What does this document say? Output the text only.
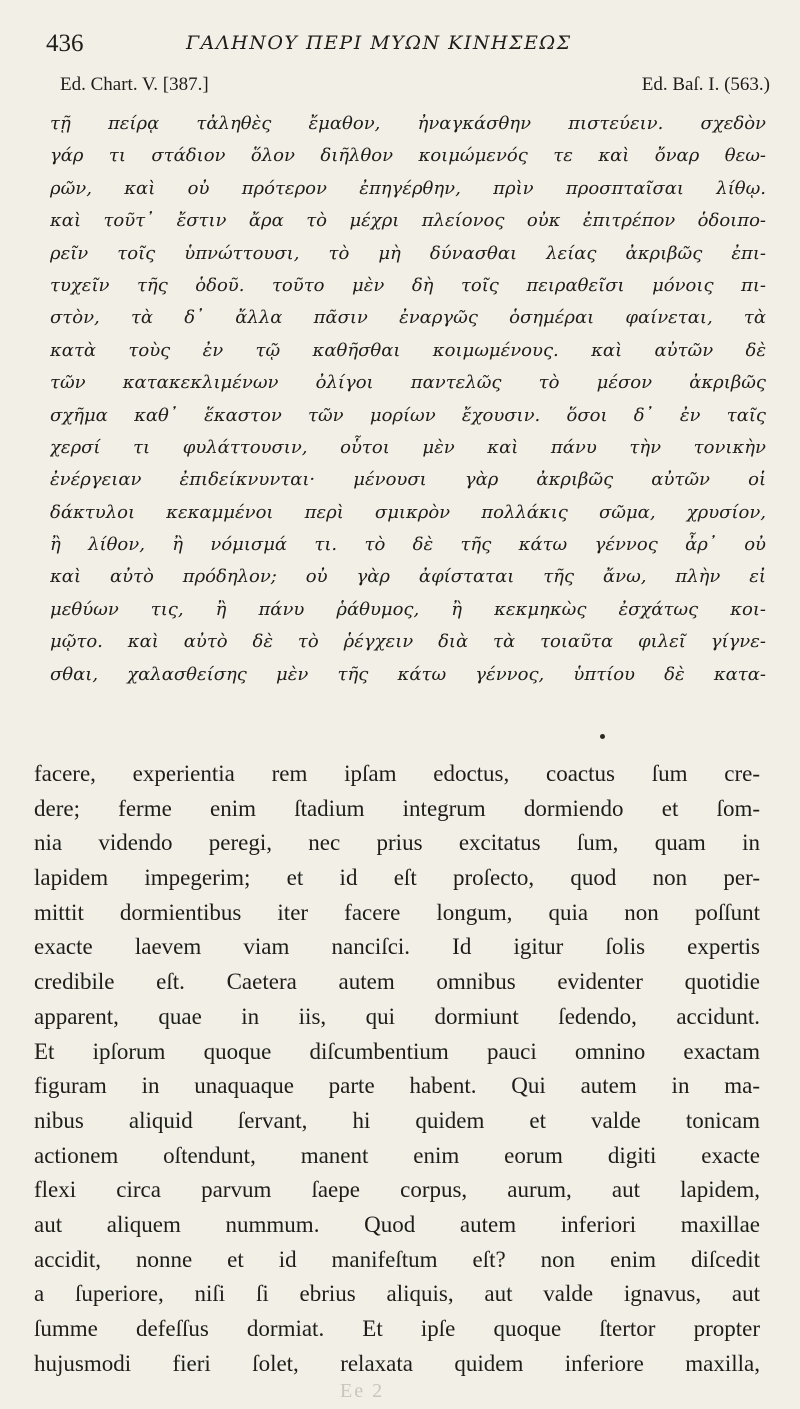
436	ΓΑΛΗΝΟΥ ΠΕΡΙ ΜΥΩΝ ΚΙΝΗΣΕΩΣ
Ed. Chart. V. [387.]	Ed. Baſ. I. (563.)
τῇ πείρᾳ τἀληθὲς ἔμαθον, ἠναγκάσθην πιστεύειν. σχεδὸν
γάρ τι στάδιον ὅλον διῆλθον κοιμώμενός τε καὶ ὄναρ θεω-
ρῶν, καὶ οὐ πρότερον ἐπηγέρθην, πρὶν προσπταῖσαι λίθῳ.
καὶ τοῦτ᾽ ἔστιν ἄρα τὸ μέχρι πλείονος οὐκ ἐπιτρέπον ὁδοιπο-
ρεῖν τοῖς ὑπνώττουσι, τὸ μὴ δύνασθαι λείας ἀκριβῶς ἐπι-
τυχεῖν τῆς ὁδοῦ. τοῦτο μὲν δὴ τοῖς πειραθεῖσι μόνοις πι-
στὸν, τὰ δ᾽ ἄλλα πᾶσιν ἐναργῶς ὁσημέραι φαίνεται, τὰ
κατὰ τοὺς ἐν τῷ καθῆσθαι κοιμωμένους. καὶ αὐτῶν δὲ
τῶν κατακεκλιμένων ὀλίγοι παντελῶς τὸ μέσον ἀκριβῶς
σχῆμα καθ᾽ ἕκαστον τῶν μορίων ἔχουσιν. ὅσοι δ᾽ ἐν ταῖς
χερσί τι φυλάττουσιν, οὗτοι μὲν καὶ πάνυ τὴν τονικὴν
ἐνέργειαν ἐπιδείκνυνται· μένουσι γὰρ ἀκριβῶς αὐτῶν οἱ
δάκτυλοι κεκαμμένοι περὶ σμικρὸν πολλάκις σῶμα, χρυσίον,
ἢ λίθον, ἢ νόμισμά τι. τὸ δὲ τῆς κάτω γέννος ἆρ᾽ οὐ
καὶ αὐτὸ πρόδηλον; οὐ γὰρ ἀφίσταται τῆς ἄνω, πλὴν εἰ
μεθύων τις, ἢ πάνυ ῥάθυμος, ἢ κεκμηκὼς ἐσχάτως κοι-
μῷτο. καὶ αὐτὸ δὲ τὸ ῥέγχειν διὰ τὰ τοιαῦτα φιλεῖ γίγνε-
σθαι, χαλασθείσης μὲν τῆς κάτω γέννος, ὑπτίου δὲ κατα-
facere, experientia rem ipſam edoctus, coactus ſum cre-
dere; ferme enim ſtadium integrum dormiendo et ſom-
nia videndo peregi, nec prius excitatus ſum, quam in
lapidem impegerim; et id eſt proſecto, quod non per-
mittit dormientibus iter facere longum, quia non poſſunt
exacte laevem viam nanciſci. Id igitur ſolis expertis
credibile eſt. Caetera autem omnibus evidenter quotidie
apparent, quae in iis, qui dormiunt ſedendo, accidunt.
Et ipſorum quoque diſcumbentium pauci omnino exactam
figuram in unaquaque parte habent. Qui autem in ma-
nibus aliquid ſervant, hi quidem et valde tonicam
actionem oſtendunt, manent enim eorum digiti exacte
flexi circa parvum ſaepe corpus, aurum, aut lapidem,
aut aliquem nummum. Quod autem inferiori maxillae
accidit, nonne et id manifeſtum eſt? non enim diſcedit
a ſuperiore, niſi ſi ebrius aliquis, aut valde ignavus, aut
ſumme defeſſus dormiat. Et ipſe quoque ſtertor propter
hujusmodi fieri ſolet, relaxata quidem inferiore maxilla,
Ee 2
